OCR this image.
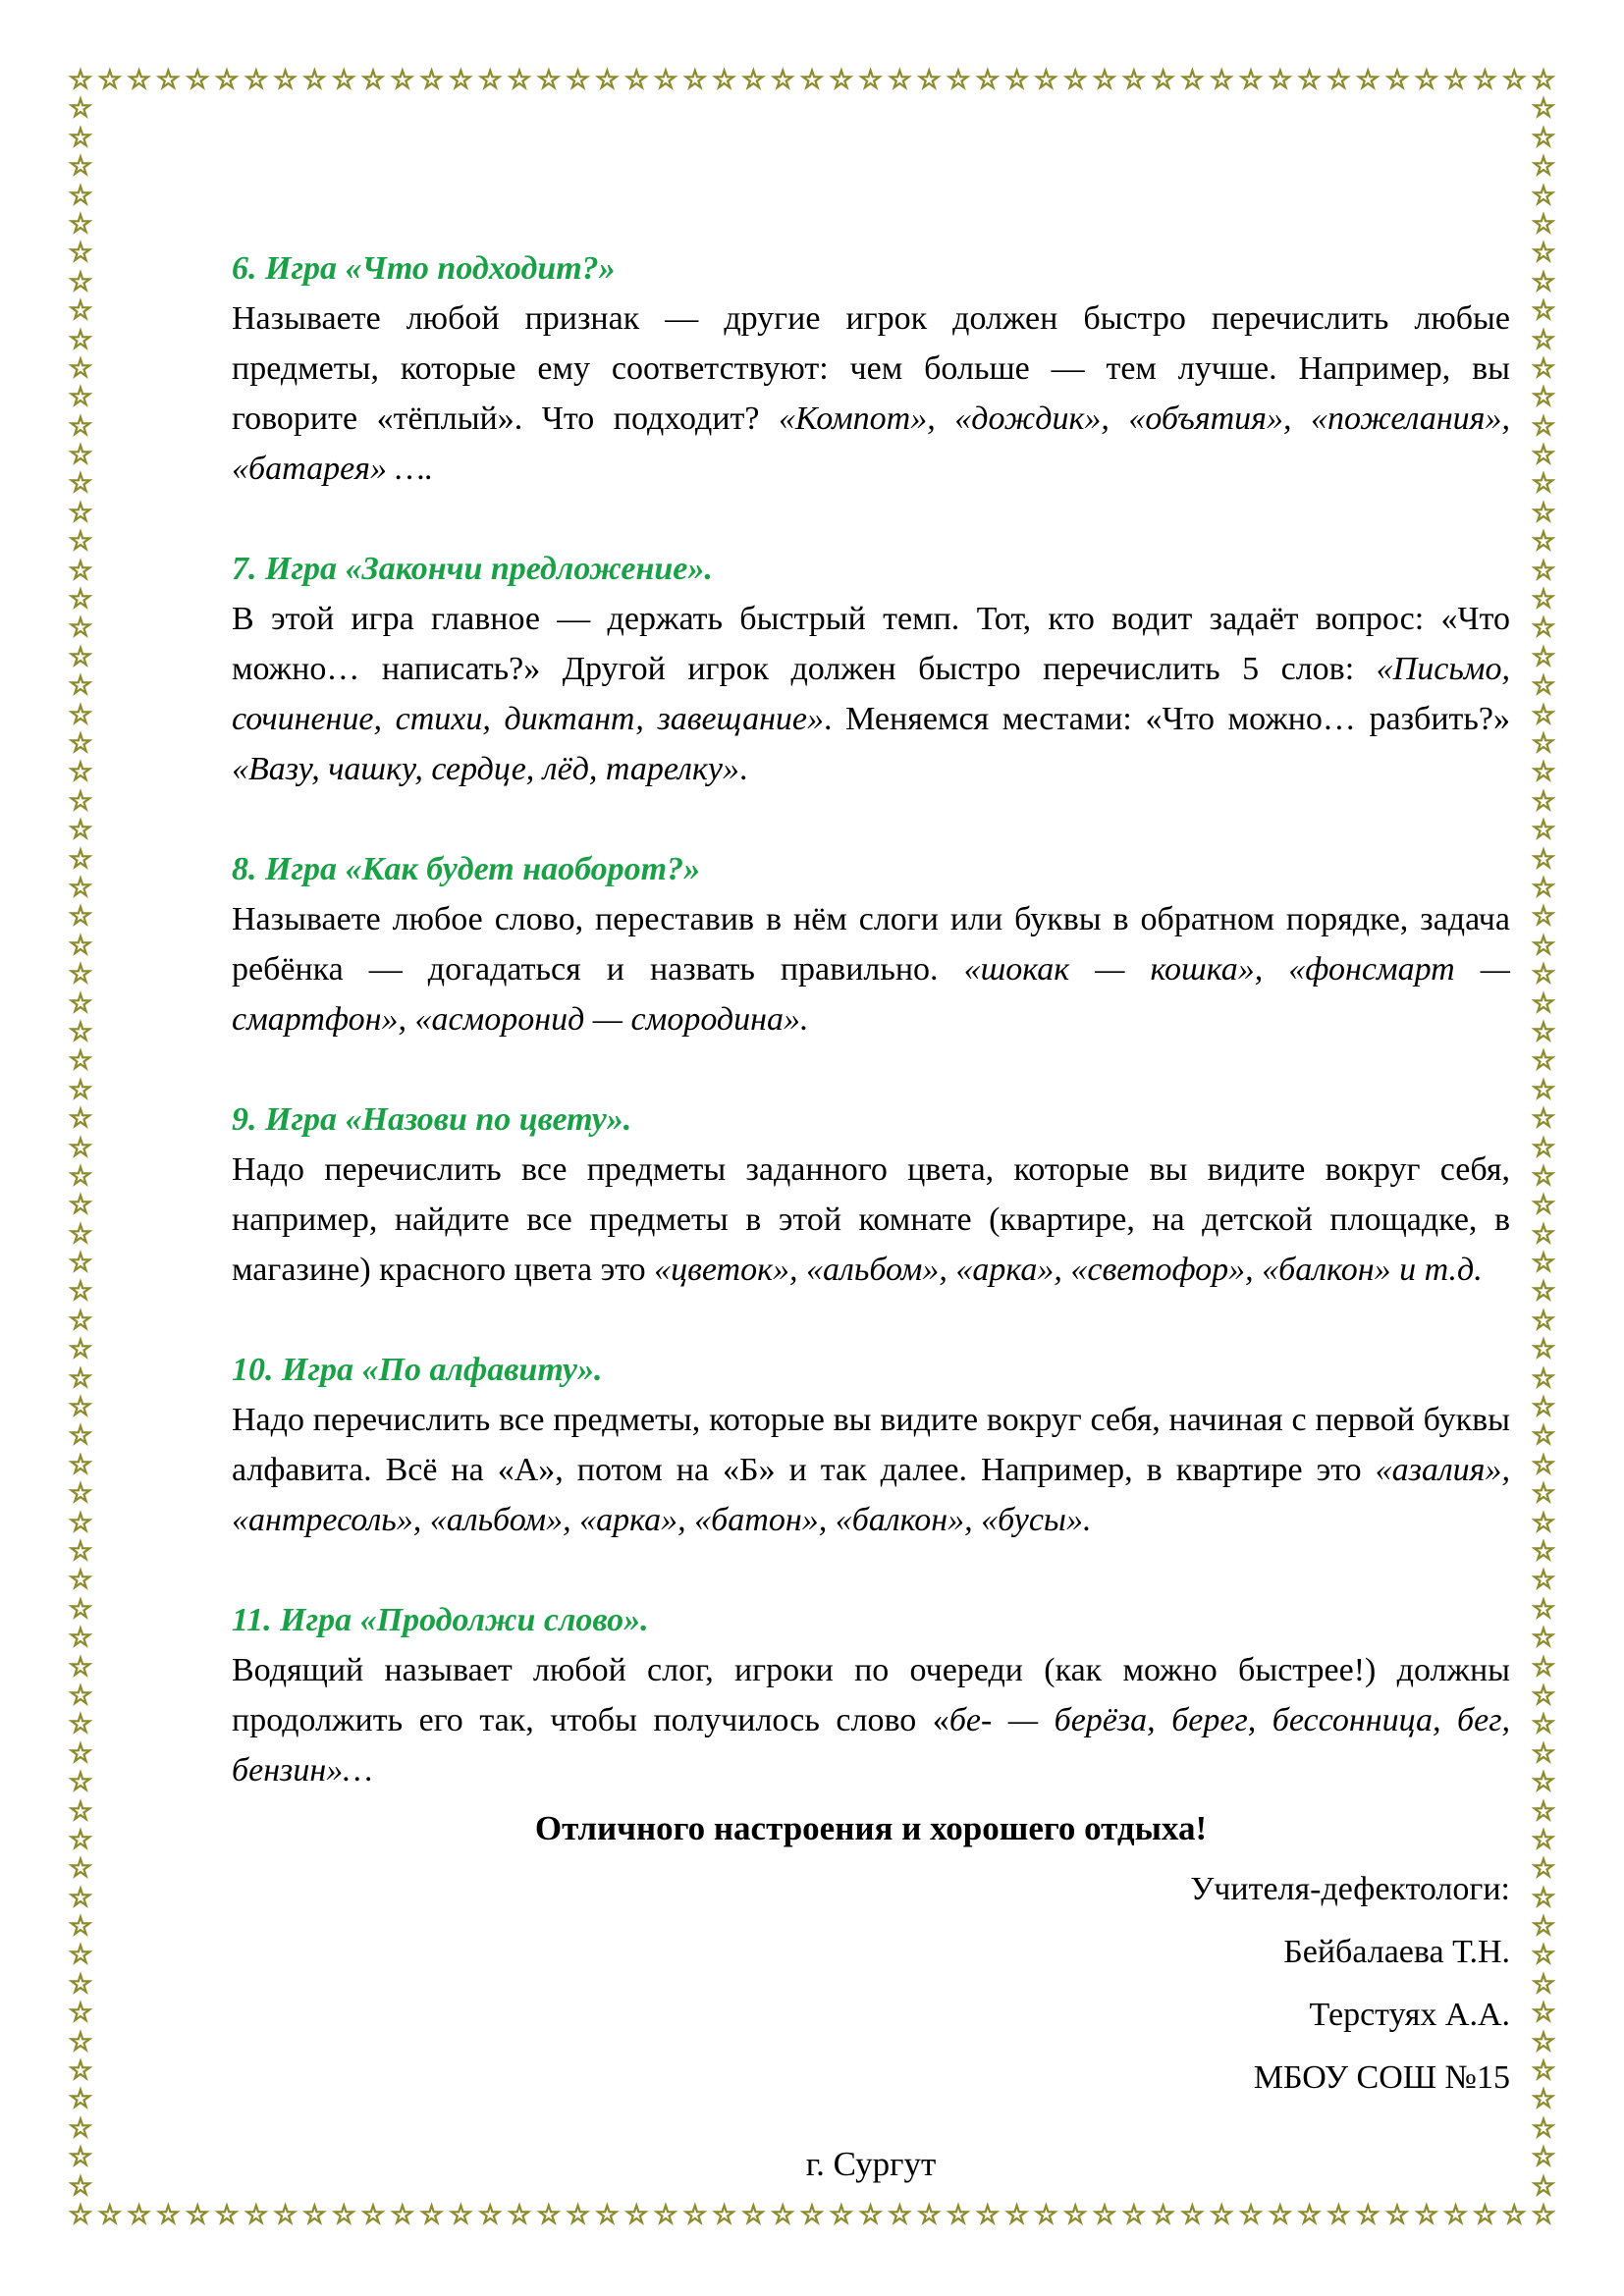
☆
☆
☆
☆
☆
☆
☆
☆
☆
☆
☆
☆
☆
☆
☆
☆
☆
☆
☆
☆
☆
☆
☆
☆
☆
☆
☆
☆
☆
☆
☆
☆
☆
☆
☆
☆
☆
☆
☆
☆
☆
☆
☆
☆
☆
☆
☆
☆
☆
☆
☆
☆
☆
☆
☆
☆
☆
☆
☆
☆
☆
☆
☆
☆
☆
☆
☆
☆
☆
☆
☆
☆
☆
☆
☆
☆
☆
☆
☆
☆
☆
☆
☆
☆
☆
☆
☆
☆
☆
☆
☆
☆
☆
☆
☆
☆
☆
☆
☆
☆
☆
☆
☆	☆
☆	☆
☆	☆
☆	☆
☆	☆
☆	☆
☆	☆
☆	☆
☆	☆
☆	☆
☆	☆
☆	☆
☆	☆
☆	☆
☆	☆
☆	☆
☆	☆
☆	☆
☆	☆
☆	☆
☆	☆
☆	☆
☆	☆
☆	☆
☆	☆
☆	☆
☆	☆
☆	☆
☆	☆
☆	☆
☆	☆
☆	☆
☆	☆
☆	☆
☆	☆
☆	☆
☆	☆
☆	☆
☆	☆
☆	☆
☆	☆
☆	☆
☆	☆
☆	☆
☆	☆
☆	☆
☆	☆
☆	☆
☆	☆
☆	☆
☆	☆
☆	☆
☆	☆
☆	☆
☆	☆
☆	☆
☆	☆
☆	☆
☆	☆
☆	☆
☆	☆
☆	☆
☆	☆
☆	☆
☆	☆
☆	☆
☆	☆
☆	☆
☆	☆
☆	☆
☆	☆
☆	☆
☆	☆

6. Игра «Что подходит?»

Называете любой признак — другие игрок должен быстро перечислить любые предметы, которые ему соответствуют: чем больше — тем лучше. Например, вы говорите «тёплый». Что подходит? «Компот», «дождик», «объятия», «пожелания», «батарея» ….

7. Игра «Закончи предложение».

В этой игра главное — держать быстрый темп. Тот, кто водит задаёт вопрос: «Что можно… написать?» Другой игрок должен быстро перечислить 5 слов: «Письмо, сочинение, стихи, диктант, завещание». Меняемся местами: «Что можно… разбить?» «Вазу, чашку, сердце, лёд, тарелку».

8. Игра «Как будет наоборот?»

Называете любое слово, переставив в нём слоги или буквы в обратном порядке, задача ребёнка — догадаться и назвать правильно. «шокак — кошка», «фонсмарт — смартфон», «асморонид — смородина».

9. Игра «Назови по цвету».

Надо перечислить все предметы заданного цвета, которые вы видите вокруг себя, например, найдите все предметы в этой комнате (квартире, на детской площадке, в магазине) красного цвета это «цветок», «альбом», «арка», «светофор», «балкон» и т.д.

10. Игра «По алфавиту».

Надо перечислить все предметы, которые вы видите вокруг себя, начиная с первой буквы алфавита. Всё на «А», потом на «Б» и так далее. Например, в квартире это «азалия», «антресоль», «альбом», «арка», «батон», «балкон», «бусы».

11. Игра «Продолжи слово».

Водящий называет любой слог, игроки по очереди (как можно быстрее!) должны продолжить его так, чтобы получилось слово «бе- — берёза, берег, бессонница, бег, бензин»…

Отличного настроения и хорошего отдыха!

Учителя-дефектологи:

Бейбалаева Т.Н.

Терстуях А.А.

МБОУ СОШ №15

г. Сургут
